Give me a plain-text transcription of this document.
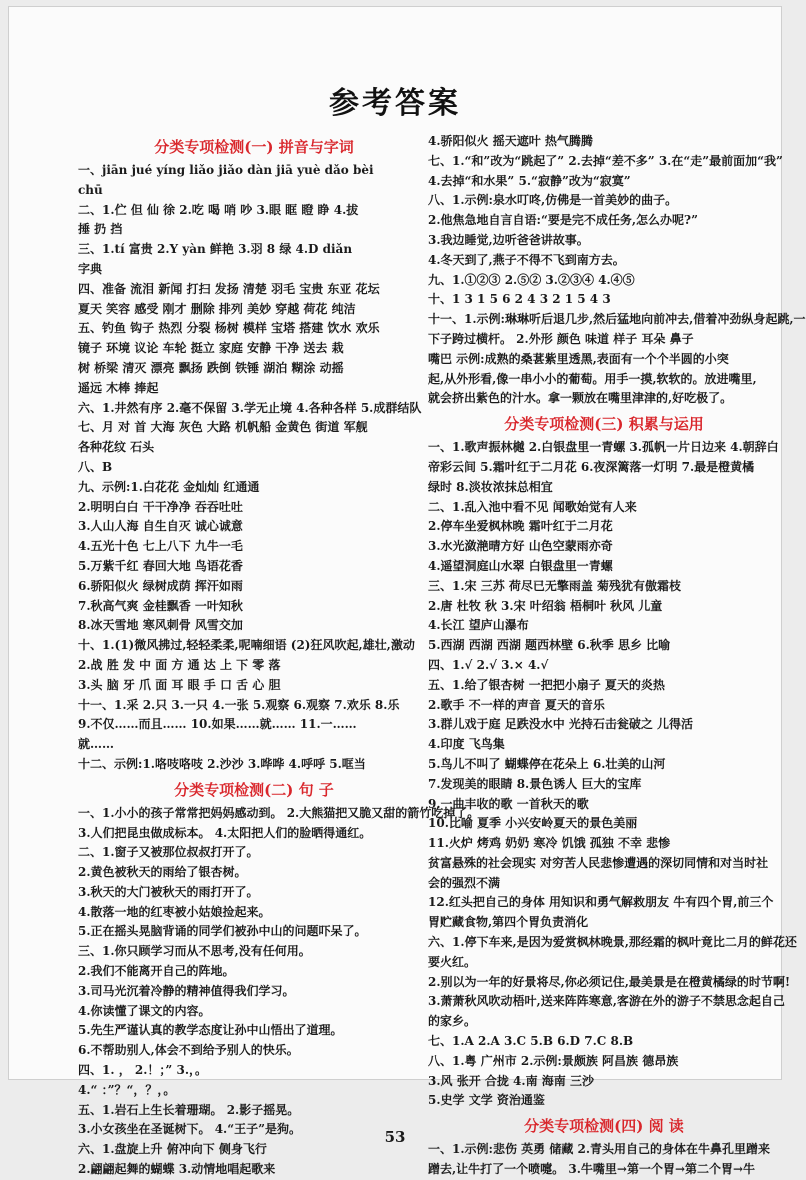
参考答案
分类专项检测(一) 拼音与字词
一、jiān jué yíng liǎo jiǎo dàn jiā yuè dǎo bèi
chū
二、1.伫 但 仙 徐 2.吃 喝 哨 吵 3.眼 眶 瞪 睁 4.拔
捶 扔 挡
三、1.tí 富贵 2.Y yàn 鲜艳 3.羽 8 绿 4.D diǎn
字典
四、准备 流泪 新闻 打扫 发扬 清楚 羽毛 宝贵 东亚 花坛
夏天 笑容 感受 刚才 删除 排列 美妙 穿越 荷花 纯洁
五、钓鱼 钩子 热烈 分裂 杨树 模样 宝塔 搭建 饮水 欢乐
镜子 环境 议论 车轮 挺立 家庭 安静 干净 送去 栽
树 桥梁 清灭 漂亮 飘扬 跌倒 铁锤 湖泊 糊涂 动摇
遥远 木棒 捧起
六、1.井然有序 2.毫不保留 3.学无止境 4.各种各样 5.成群结队
七、月 对 首 大海 灰色 大路 机帆船 金黄色 街道 军舰
各种花纹 石头
八、B
九、示例:1.白花花 金灿灿 红通通
2.明明白白 干干净净 吞吞吐吐
3.人山人海 自生自灭 诚心诚意
4.五光十色 七上八下 九牛一毛
5.万紫千红 春回大地 鸟语花香
6.骄阳似火 绿树成荫 挥汗如雨
7.秋高气爽 金桂飘香 一叶知秋
8.冰天雪地 寒风刺骨 风雪交加
十、1.(1)微风拂过,轻轻柔柔,呢喃细语 (2)狂风吹起,雄壮,激动
2.战 胜 发 中 面 方 通 达 上 下 零 落
3.头 脑 牙 爪 面 耳 眼 手 口 舌 心 胆
十一、1.采 2.只 3.一只 4.一张 5.观察 6.观察 7.欢乐 8.乐
9.不仅……而且…… 10.如果……就…… 11.一……
就……
十二、示例:1.咯吱咯吱 2.沙沙 3.哗哗 4.呼呼 5.哐当
分类专项检测(二) 句 子
一、1.小小的孩子常常把妈妈感动到。 2.大熊猫把又脆又甜的箭竹吃掉了。
3.人们把昆虫做成标本。 4.太阳把人们的脸晒得通红。
二、1.窗子又被那位叔叔打开了。
2.黄色被秋天的雨给了银杏树。
3.秋天的大门被秋天的雨打开了。
4.散落一地的红枣被小姑娘捡起来。
5.正在摇头晃脑背诵的同学们被孙中山的问题吓呆了。
三、1.你只顾学习而从不思考,没有任何用。
2.我们不能离开自己的阵地。
3.司马光沉着冷静的精神值得我们学习。
4.你读懂了课文的内容。
5.先生严谨认真的教学态度让孙中山悟出了道理。
6.不帮助别人,体会不到给予别人的快乐。
四、1. ， 2.！；” 3.，。
4.“ ：”？“，？，。
五、1.岩石上生长着珊瑚。 2.影子摇晃。
3.小女孩坐在圣诞树下。 4.“王子”是狗。
六、1.盘旋上升 俯冲向下 侧身飞行
2.翩翩起舞的蝴蝶 3.动情地唱起歌来
4.骄阳似火 摇天遮叶 热气腾腾
七、1.“和”改为“跳起了” 2.去掉“差不多” 3.在“走”最前面加“我”
4.去掉“和水果” 5.“寂静”改为“寂寞”
八、1.示例:泉水叮咚,仿佛是一首美妙的曲子。
2.他焦急地自言自语:“要是完不成任务,怎么办呢?”
3.我边睡觉,边听爸爸讲故事。
4.冬天到了,燕子不得不飞到南方去。
九、1.①②③ 2.⑤② 3.②③④ 4.④⑤
十、1 3 1 5 6 2 4 3 2 1 5 4 3
十一、1.示例:琳琳听后退几步,然后猛地向前冲去,借着冲劲纵身起跳,一
下子跨过横杆。 2.外形 颜色 味道 样子 耳朵 鼻子
嘴巴 示例:成熟的桑葚紫里透黑,表面有一个个半圆的小突
起,从外形看,像一串小小的葡萄。用手一摸,软软的。放进嘴里,
就会挤出紫色的汁水。拿一颗放在嘴里津津的,好吃极了。
分类专项检测(三) 积累与运用
一、1.歌声振林樾 2.白银盘里一青螺 3.孤帆一片日边来 4.朝辞白
帝彩云间 5.霜叶红于二月花 6.夜深篱落一灯明 7.最是橙黄橘
绿时 8.淡妆浓抹总相宜
二、1.乱入池中看不见 闻歌始觉有人来
2.停车坐爱枫林晚 霜叶红于二月花
3.水光潋滟晴方好 山色空蒙雨亦奇
4.遥望洞庭山水翠 白银盘里一青螺
三、1.宋 三苏 荷尽已无擎雨盖 菊残犹有傲霜枝
2.唐 杜牧 秋 3.宋 叶绍翁 梧桐叶 秋风 儿童
4.长江 望庐山瀑布
5.西湖 西湖 西湖 题西林壁 6.秋季 思乡 比喻
四、1.√ 2.√ 3.× 4.√
五、1.给了银杏树 一把把小扇子 夏天的炎热
2.歌手 不一样的声音 夏天的音乐
3.群儿戏于庭 足跌没水中 光持石击瓮破之 儿得活
4.印度 飞鸟集
5.鸟儿不叫了 蝴蝶停在花朵上 6.壮美的山河
7.发现美的眼睛 8.景色诱人 巨大的宝库
9.一曲丰收的歌 一首秋天的歌
10.比喻 夏季 小兴安岭夏天的景色美丽
11.火炉 烤鸡 奶奶 寒冷 饥饿 孤独 不幸 悲惨
贫富悬殊的社会现实 对穷苦人民悲惨遭遇的深切同情和对当时社
会的强烈不满
12.红头把自己的身体 用知识和勇气解救朋友 牛有四个胃,前三个
胃贮藏食物,第四个胃负责消化
六、1.停下车来,是因为爱赏枫林晚景,那经霜的枫叶竟比二月的鲜花还
要火红。
2.别以为一年的好景将尽,你必须记住,最美景是在橙黄橘绿的时节啊!
3.萧萧秋风吹动梧叶,送来阵阵寒意,客游在外的游子不禁思念起自己
的家乡。
七、1.A 2.A 3.C 5.B 6.D 7.C 8.B
八、1.粤 广州市 2.示例:景颇族 阿昌族 德昂族
3.风 张开 合拢 4.南 海南 三沙
5.史学 文学 资治通鉴
分类专项检测(四) 阅 读
一、1.示例:悲伤 英勇 储藏 2.青头用自己的身体在牛鼻孔里蹭来
蹭去,让牛打了一个喷嚏。 3.牛嘴里→第一个胃→第二个胃→牛
53
